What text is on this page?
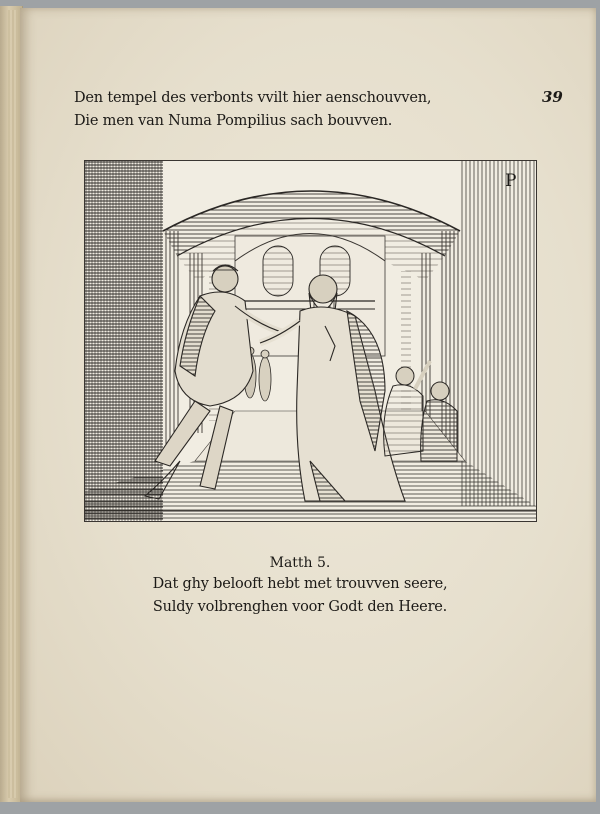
39
Den tempel des verbonts vvilt hier aenschouvven,
Die men van Numa Pompilius sach bouvven.
P
Matth 5.
Dat ghy belooft hebt met trouvven seere,
Suldy volbrenghen voor Godt den Heere.
